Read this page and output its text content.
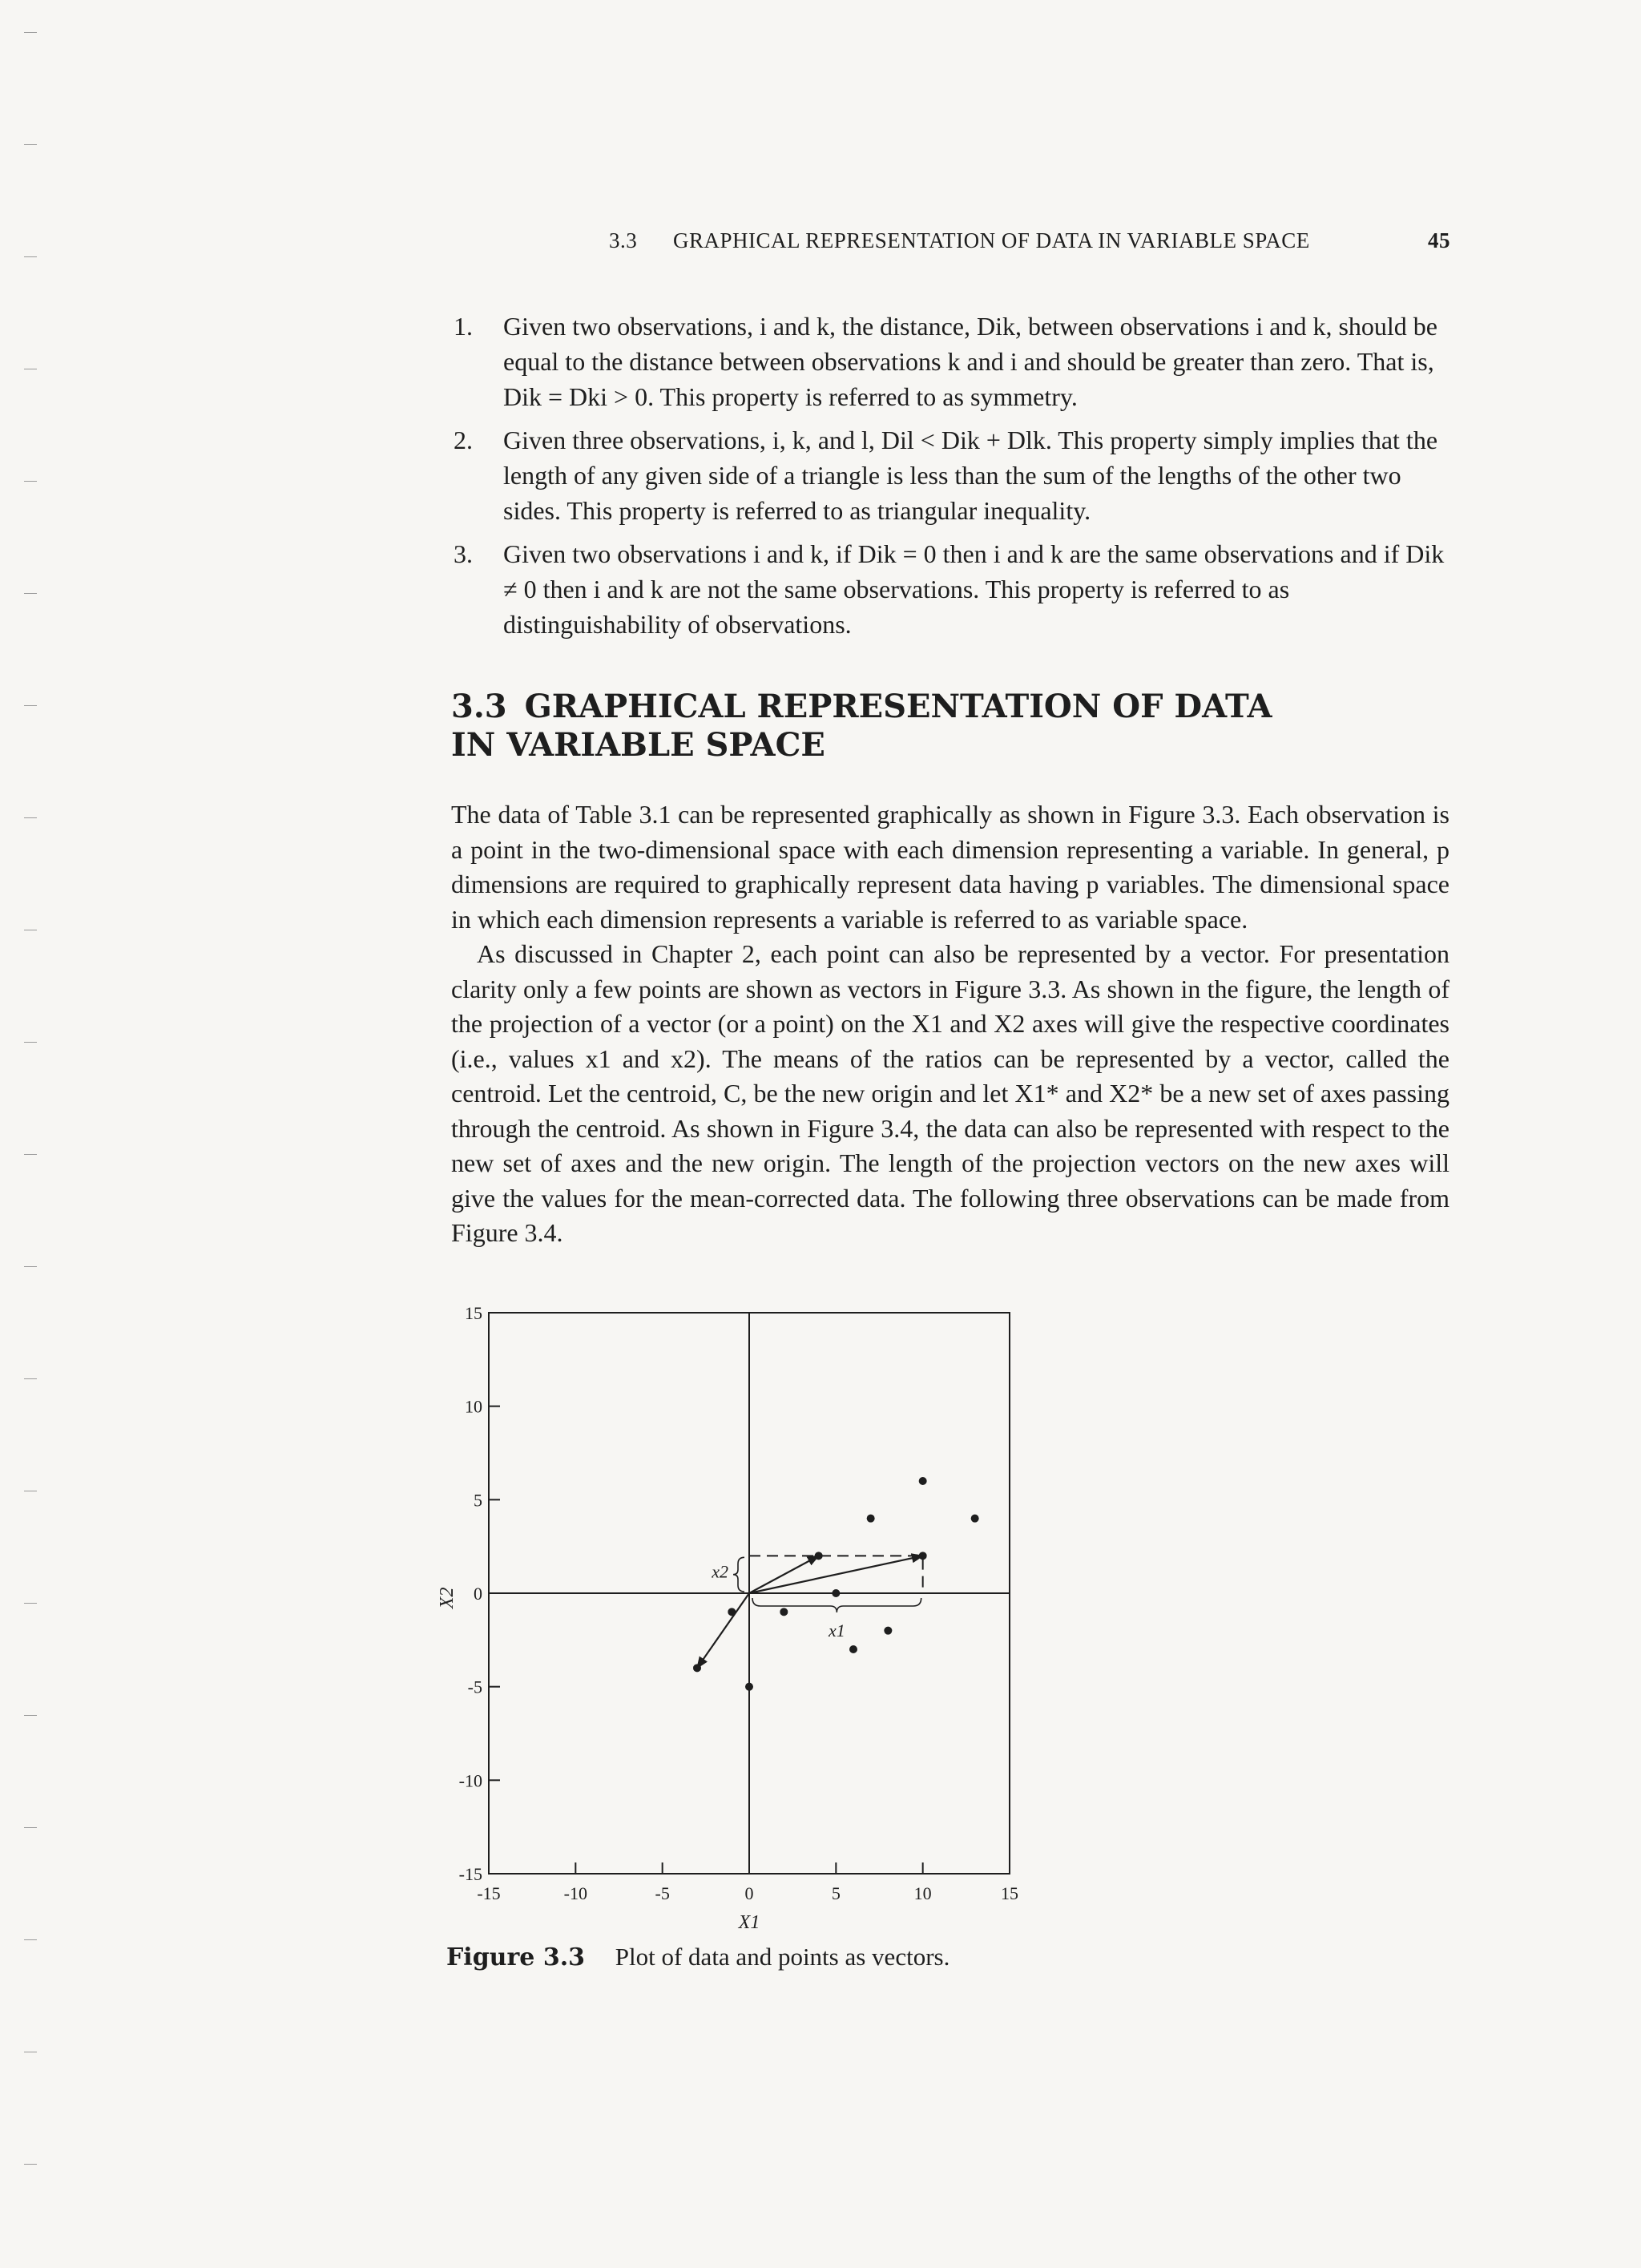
3.3 GRAPHICAL REPRESENTATION OF DATA IN VARIABLE SPACE	45
1. Given two observations, i and k, the distance, Dik, between observations i and k, should be equal to the distance between observations k and i and should be greater than zero. That is, Dik = Dki > 0. This property is referred to as symmetry.
2. Given three observations, i, k, and l, Dil < Dik + Dlk. This property simply implies that the length of any given side of a triangle is less than the sum of the lengths of the other two sides. This property is referred to as triangular inequality.
3. Given two observations i and k, if Dik = 0 then i and k are the same observations and if Dik ≠ 0 then i and k are not the same observations. This property is referred to as distinguishability of observations.
3.3 GRAPHICAL REPRESENTATION OF DATA
IN VARIABLE SPACE

The data of Table 3.1 can be represented graphically as shown in Figure 3.3. Each observation is a point in the two-dimensional space with each dimension representing a variable. In general, p dimensions are required to graphically represent data having p variables. The dimensional space in which each dimension represents a variable is referred to as variable space.

As discussed in Chapter 2, each point can also be represented by a vector. For presentation clarity only a few points are shown as vectors in Figure 3.3. As shown in the figure, the length of the projection of a vector (or a point) on the X1 and X2 axes will give the respective coordinates (i.e., values x1 and x2). The means of the ratios can be represented by a vector, called the centroid. Let the centroid, C, be the new origin and let X1* and X2* be a new set of axes passing through the centroid. As shown in Figure 3.4, the data can also be represented with respect to the new set of axes and the new origin. The length of the projection vectors on the new axes will give the values for the mean-corrected data. The following three observations can be made from Figure 3.4.

15
10
5
0
-5
-10
-15
-15	-10	-5	0	5	10	15
X1
X2
x1
x2
Figure 3.3 Plot of data and points as vectors.
